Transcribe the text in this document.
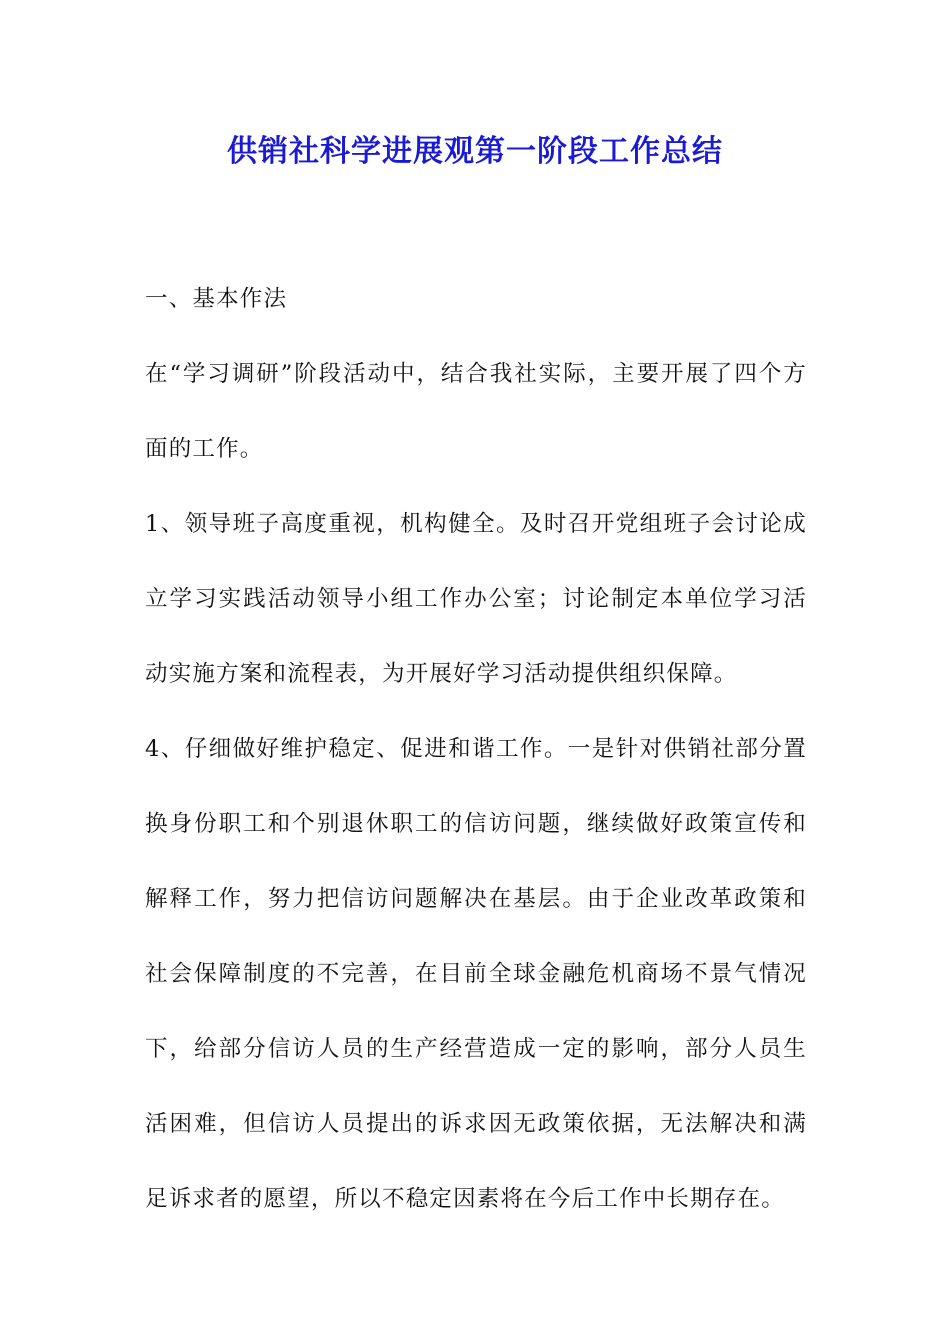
供销社科学进展观第一阶段工作总结

一、基本作法

在“学习调研”阶段活动中，结合我社实际，主要开展了四个方面的工作。

1、领导班子高度重视，机构健全。及时召开党组班子会讨论成立学习实践活动领导小组工作办公室；讨论制定本单位学习活动实施方案和流程表，为开展好学习活动提供组织保障。

4、仔细做好维护稳定、促进和谐工作。一是针对供销社部分置换身份职工和个别退休职工的信访问题，继续做好政策宣传和解释工作，努力把信访问题解决在基层。由于企业改革政策和社会保障制度的不完善，在目前全球金融危机商场不景气情况下，给部分信访人员的生产经营造成一定的影响，部分人员生活困难，但信访人员提出的诉求因无政策依据，无法解决和满足诉求者的愿望，所以不稳定因素将在今后工作中长期存在。
